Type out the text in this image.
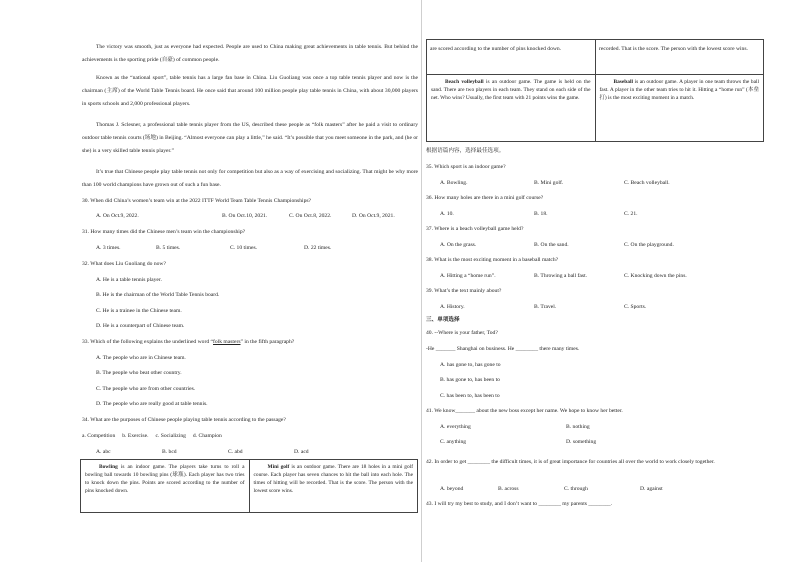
The victory was smooth, just as everyone had expected. People are used to China making great achievements in table tennis. But behind the achievements is the sporting pride (自豪) of common people.
Known as the “national sport”, table tennis has a large fan base in China. Liu Guoliang was once a top table tennis player and now is the chairman (主席) of the World Table Tennis board. He once said that around 100 million people play table tennis in China, with about 30,000 players in sports schools and 2,000 professional players.
Thomas J. Sclesner, a professional table tennis player from the US, described these people as “folk masters” after he paid a visit to ordinary outdoor table tennis courts (场地) in Beijing. “Almost everyone can play a little,” he said. “It’s possible that you meet someone in the park, and (he or she) is a very skilled table tennis player.”
It’s true that Chinese people play table tennis not only for competition but also as a way of exercising and socializing. That might be why more than 100 world champions have grown out of such a fun base.
30. When did China’s women’s team win at the 2022 ITTF World Team Table Tennis Championships?
A. On Oct.9, 2022.	B. On Oct.10, 2021.	C. On Oct.8, 2022.	D. On Oct.9, 2021.
31. How many times did the Chinese men’s team win the championship?
A. 3 times.	B. 5 times.	C. 10 times.	D. 22 times.
32. What does Liu Guoliang do now?
A. He is a table tennis player.
B. He is the chairman of the World Table Tennis board.
C. He is a trainee in the Chinese team.
D. He is a counterpart of Chinese team.
33. Which of the following explains the underlined word “folk masters” in the fifth paragraph?
A. The people who are in Chinese team.
B. The people who beat other country.
C. The people who are from other countries.
D. The people who are really good at table tennis.
34. What are the purposes of Chinese people playing table tennis according to the passage?
a. Competition     b. Exercise.     c. Socializing     d. Champion
A. abc	B. bcd	C. abd	D. acd
Bowling is an indoor game. The players take turns to roll a bowling ball towards 10 bowling pins (球瓶). Each player has two tries to knock down the pins. Points are scored according to the number of pins knocked down.	Mini golf is an outdoor game. There are 18 holes in a mini golf course. Each player has seven chances to hit the ball into each hole. The times of hitting will be recorded. That is the score. The person with the lowest score wins.

Beach volleyball is an outdoor game. The game is held on the sand. There are two players in each team. They stand on each side of the net. Who wins? Usually, the first team with 21 points wins the game.	Baseball is an outdoor game. A player in one team throws the ball fast. A player in the other team tries to hit it. Hitting a “home run” (本垒打) is the most exciting moment in a match.
are scored according to the number of pins knocked down.	recorded. That is the score. The person with the lowest score wins.
根据语篇内容，选择最佳选项。
35. Which sport is an indoor game?
A. Bowling.	B. Mini golf.	C. Beach volleyball.
36. How many holes are there in a mini golf course?
A. 10.	B. 18.	C. 21.
37. Where is a beach volleyball game held?
A. On the grass.	B. On the sand.	C. On the playground.
38. What is the most exciting moment in a baseball match?
A. Hitting a “home run”.	B. Throwing a ball fast.	C. Knocking down the pins.
39. What’s the text mainly about?
A. History.	B. Travel.	C. Sports.
三、单项选择
40. --Where is your father, Tod?
-He _______ Shanghai on business. He ________ there many times.
A. has gone to, has gone to
B. has gone to, has been to
C. has been to, has been to
41. We know_______ about the new boss except her name. We hope to know her better.
A. everything	B. nothing
C. anything	D. something
42. In order to get ________ the difficult times, it is of great importance for countries all over the world to work closely together.
A. beyond	B. across	C. through	D. against
43. I will try my best to study, and I don’t want to ________ my parents ________.
